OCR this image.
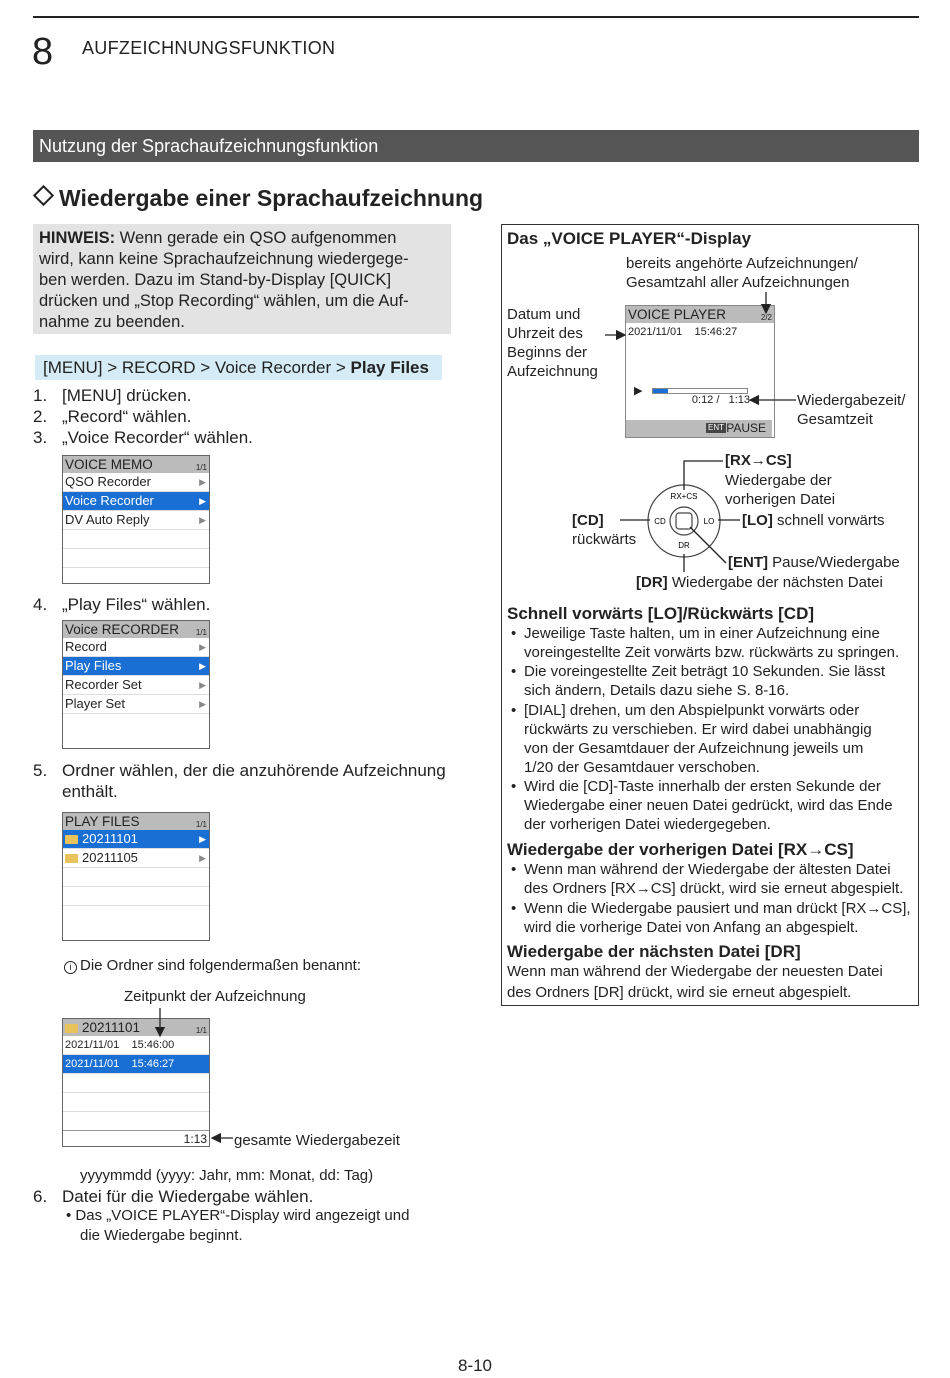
8 AUFZEICHNUNGSFUNKTION
Nutzung der Sprachaufzeichnungsfunktion
Wiedergabe einer Sprachaufzeichnung
HINWEIS: Wenn gerade ein QSO aufgenommen
wird, kann keine Sprachaufzeichnung wiedergege-
ben werden. Dazu im Stand-by-Display [QUICK]
drücken und „Stop Recording“ wählen, um die Auf-
nahme zu beenden.
[MENU] > RECORD > Voice Recorder > Play Files
1. [MENU] drücken.
2. „Record“ wählen.
3. „Voice Recorder“ wählen.
VOICE MEMO	1/1
QSO Recorder	▶
Voice Recorder	▶
DV Auto Reply	▶
4. „Play Files“ wählen.
Voice RECORDER 1/1
Record	▶
Play Files	▶
Recorder Set	▶
Player Set	▶
5. Ordner wählen, der die anzuhörende Aufzeichnung
enthält.
PLAY FILES	1/1
20211101	▶
20211105	▶
i Die Ordner sind folgendermaßen benannt:
Zeitpunkt der Aufzeichnung
20211101	1/1
2021/11/01    15:46:00
2021/11/01    15:46:27
1:13 gesamte Wiedergabezeit
yyyymmdd (yyyy: Jahr, mm: Monat, dd: Tag)
6. Datei für die Wiedergabe wählen.
• Das „VOICE PLAYER“-Display wird angezeigt und
die Wiedergabe beginnt.
Das „VOICE PLAYER“-Display
bereits angehörte Aufzeichnungen/
Gesamtzahl aller Aufzeichnungen
Datum und
Uhrzeit des
Beginns der
Aufzeichnung
Wiedergabezeit/
Gesamtzeit
VOICE PLAYER	2/2
2021/11/01    15:46:27
▶
0:12 /   1:13
ENT PAUSE
[RX→CS]
Wiedergabe der
vorherigen Datei
[CD]
rückwärts
[LO] schnell vorwärts
[ENT] Pause/Wiedergabe
[DR] Wiedergabe der nächsten Datei
Schnell vorwärts [LO]/Rückwärts [CD]
• Jeweilige Taste halten, um in einer Aufzeichnung eine
voreingestellte Zeit vorwärts bzw. rückwärts zu springen.
• Die voreingestellte Zeit beträgt 10 Sekunden. Sie lässt
sich ändern, Details dazu siehe S. 8-16.
• [DIAL] drehen, um den Abspielpunkt vorwärts oder
rückwärts zu verschieben. Er wird dabei unabhängig
von der Gesamtdauer der Aufzeichnung jeweils um
1/20 der Gesamtdauer verschoben.
• Wird die [CD]-Taste innerhalb der ersten Sekunde der
Wiedergabe einer neuen Datei gedrückt, wird das Ende
der vorherigen Datei wiedergegeben.
Wiedergabe der vorherigen Datei [RX→CS]
• Wenn man während der Wiedergabe der ältesten Datei
des Ordners [RX→CS] drückt, wird sie erneut abgespielt.
• Wenn die Wiedergabe pausiert und man drückt [RX→CS],
wird die vorherige Datei von Anfang an abgespielt.
Wiedergabe der nächsten Datei [DR]
Wenn man während der Wiedergabe der neuesten Datei
des Ordners [DR] drückt, wird sie erneut abgespielt.
8-10
RX+CS
CD	LO
DR
